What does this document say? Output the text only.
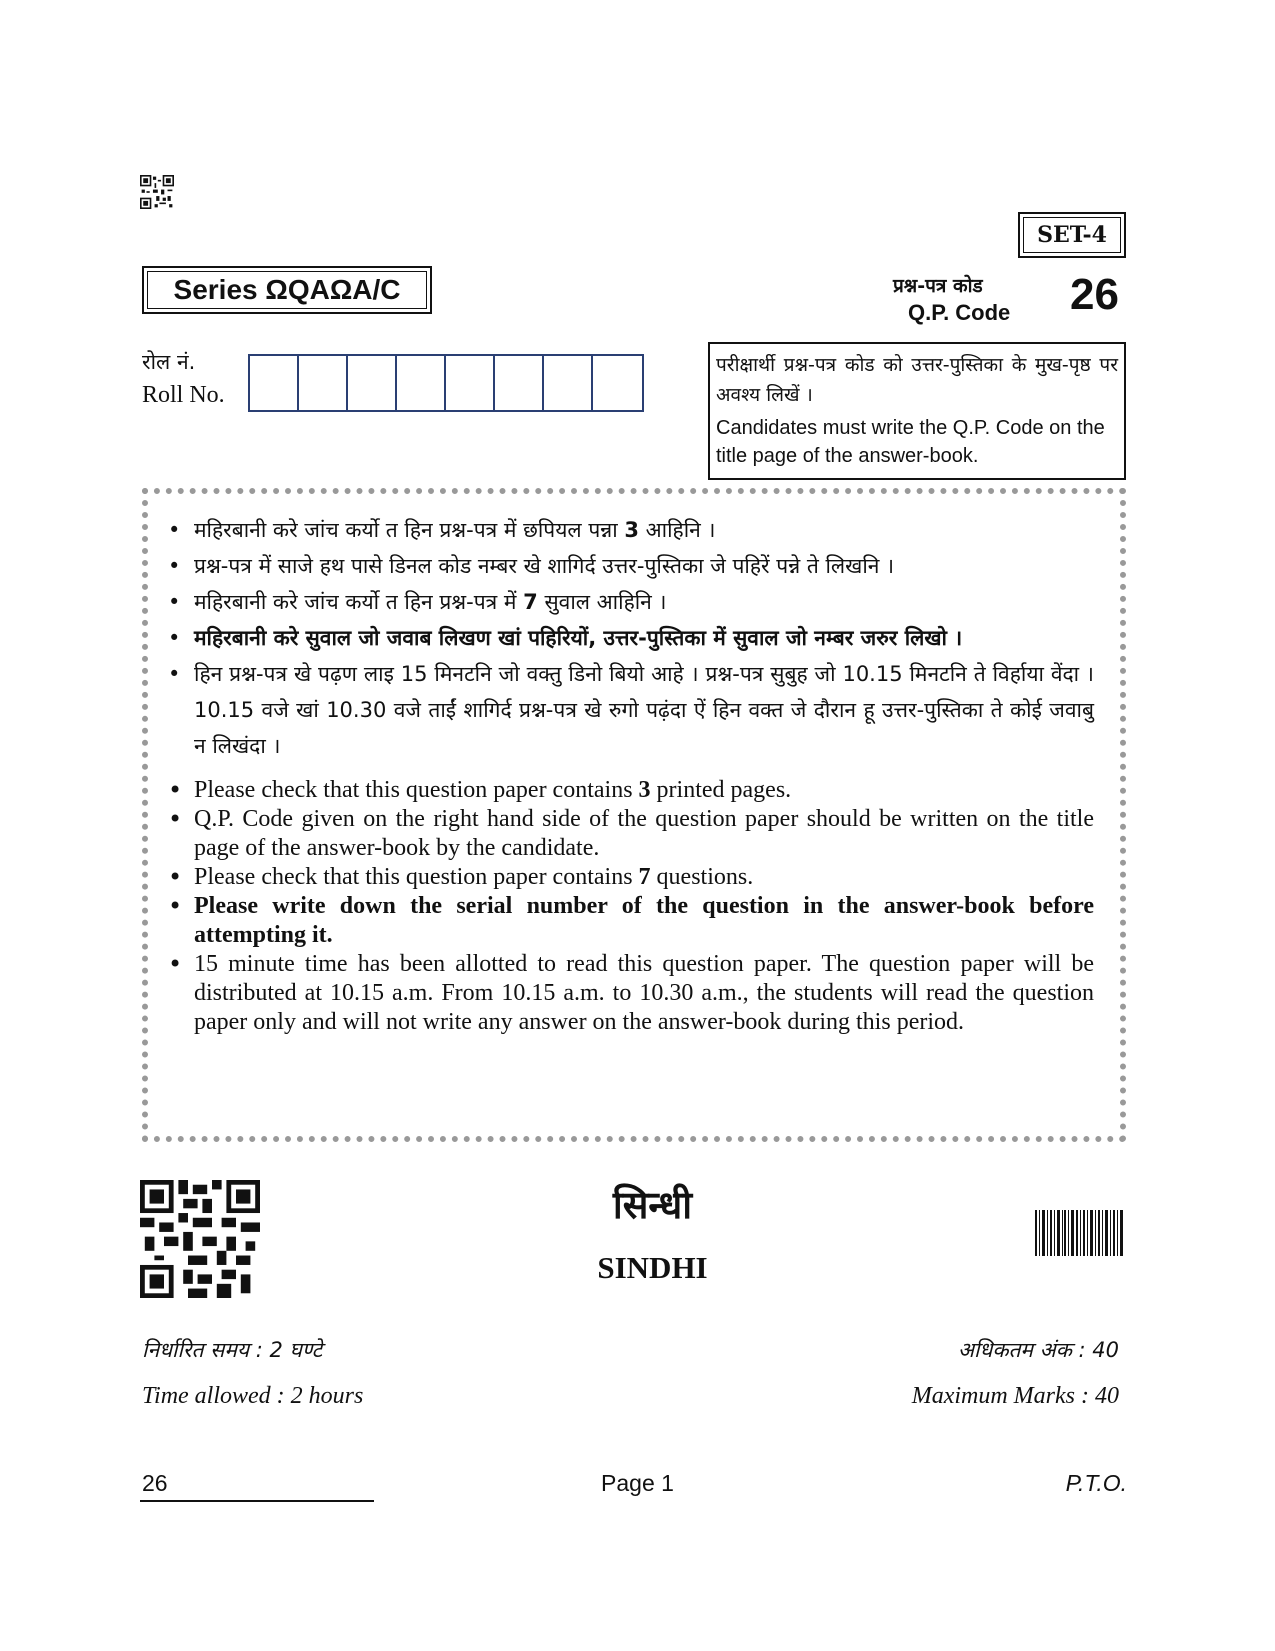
SET-4
Series ΩQAΩA/C	प्रश्न-पत्र कोड
Q.P. Code 26
रोल नं.
Roll No.
परीक्षार्थी प्रश्न-पत्र कोड को उत्तर-पुस्तिका के मुख-पृष्ठ पर अवश्य लिखें ।
Candidates must write the Q.P. Code on the title page of the answer-book.
• महिरबानी करे जांच कर्यो त हिन प्रश्न-पत्र में छपियल पन्ना 3 आहिनि ।
• प्रश्न-पत्र में साजे हथ पासे डिनल कोड नम्बर खे शागिर्द उत्तर-पुस्तिका जे पहिरें पन्ने ते लिखनि ।
• महिरबानी करे जांच कर्यो त हिन प्रश्न-पत्र में 7 सुवाल आहिनि ।
• महिरबानी करे सुवाल जो जवाब लिखण खां पहिरियों, उत्तर-पुस्तिका में सुवाल जो नम्बर जरुर लिखो ।
• हिन प्रश्न-पत्र खे पढ़ण लाइ 15 मिनटनि जो वक्तु डिनो बियो आहे । प्रश्न-पत्र सुबुह जो 10.15 मिनटनि ते विर्हाया वेंदा । 10.15 वजे खां 10.30 वजे ताईं शागिर्द प्रश्न-पत्र खे रुगो पढ़ंदा ऐं हिन वक्त जे दौरान हू उत्तर-पुस्तिका ते कोई जवाबु न लिखंदा ।
• Please check that this question paper contains 3 printed pages.
• Q.P. Code given on the right hand side of the question paper should be written on the title page of the answer-book by the candidate.
• Please check that this question paper contains 7 questions.
• Please write down the serial number of the question in the answer-book before attempting it.
• 15 minute time has been allotted to read this question paper. The question paper will be distributed at 10.15 a.m. From 10.15 a.m. to 10.30 a.m., the students will read the question paper only and will not write any answer on the answer-book during this period.
सिन्धी
SINDHI
निर्धारित समय : 2 घण्टे
Time allowed : 2 hours
अधिकतम अंक : 40
Maximum Marks : 40
26	Page 1	P.T.O.
